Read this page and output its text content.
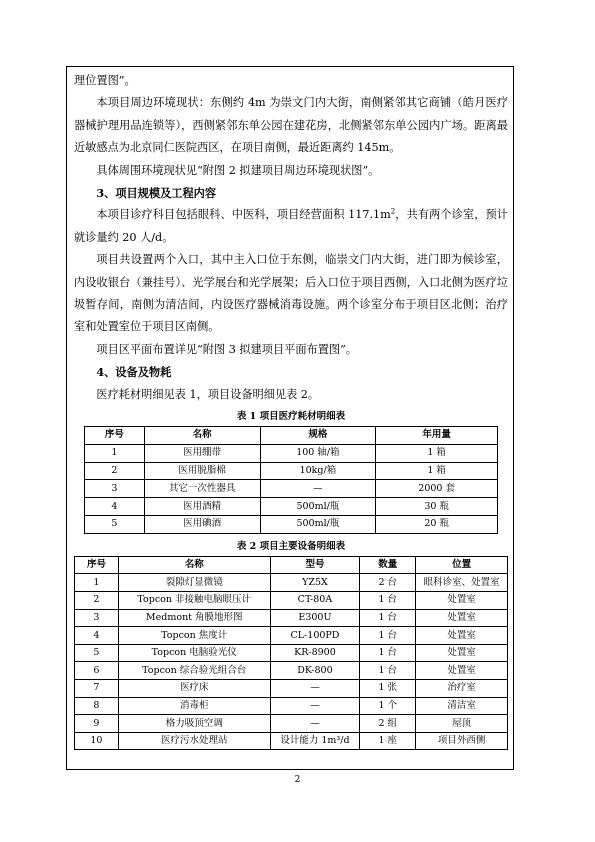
理位置图”。

本项目周边环境现状：东侧约 4m 为崇文门内大街，南侧紧邻其它商铺（皓月医疗器械护理用品连锁等），西侧紧邻东单公园在建花房，北侧紧邻东单公园内广场。距离最近敏感点为北京同仁医院西区，在项目南侧，最近距离约 145m。

具体周围环境现状见“附图 2 拟建项目周边环境现状图”。

3、项目规模及工程内容

本项目诊疗科目包括眼科、中医科，项目经营面积 $117.1m^2$，共有两个诊室，预计就诊量约 20 人/d。

项目共设置两个入口，其中主入口位于东侧，临崇文门内大街，进门即为候诊室，内设收银台（兼挂号）、光学展台和光学展架；后入口位于项目西侧，入口北侧为医疗垃圾暂存间，南侧为清洁间，内设医疗器械消毒设施。两个诊室分布于项目区北侧；治疗室和处置室位于项目区南侧。

项目区平面布置详见“附图 3 拟建项目平面布置图”。

4、设备及物耗

医疗耗材明细见表 1，项目设备明细见表 2。

表 1 项目医疗耗材明细表
序号	名称	规格	年用量
1	医用绷带	100 轴/箱	1 箱
2	医用脱脂棉	10kg/箱	1 箱
3	其它一次性器具	—	2000 套
4	医用酒精	500ml/瓶	30 瓶
5	医用碘酒	500ml/瓶	20 瓶
表 2 项目主要设备明细表
序号	名称	型号	数量	位置
1	裂隙灯显微镜	YZ5X	2 台	眼科诊室、处置室
2	Topcon 非接触电脑眼压计	CT-80A	1 台	处置室
3	Medmont 角膜地形图	E300U	1 台	处置室
4	Topcon 焦度计	CL-100PD	1 台	处置室
5	Topcon 电脑验光仪	KR-8900	1 台	处置室
6	Topcon 综合验光组合台	DK-800	1 台	处置室
7	医疗床	—	1 张	治疗室
8	消毒柜	—	1 个	清洁室
9	格力吸顶空调	—	2 组	屋顶
10	医疗污水处理站	设计能力 1m³/d	1 座	项目外西侧
2
